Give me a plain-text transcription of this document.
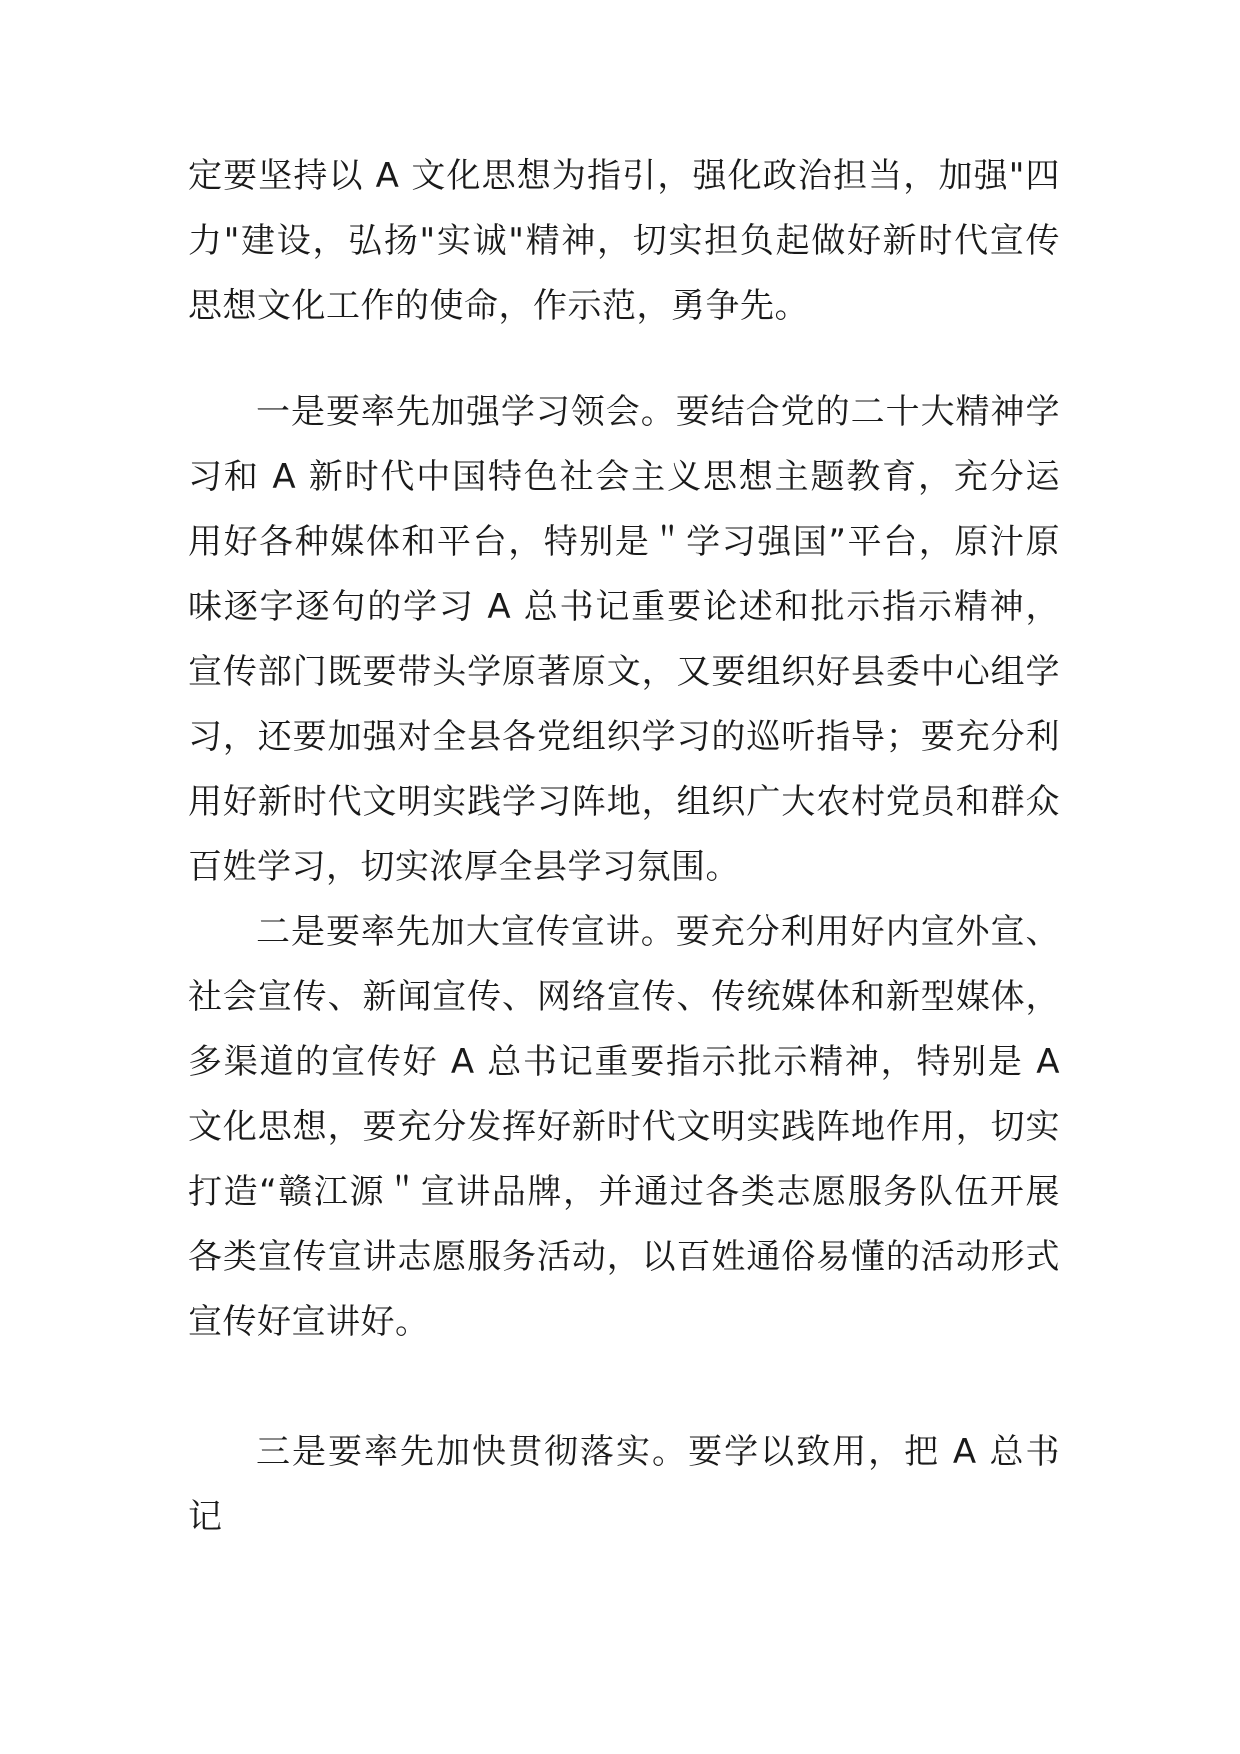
定要坚持以 A 文化思想为指引，强化政治担当，加强"四力"建设，弘扬"实诚"精神，切实担负起做好新时代宣传思想文化工作的使命，作示范，勇争先。

一是要率先加强学习领会。要结合党的二十大精神学习和 A 新时代中国特色社会主义思想主题教育，充分运用好各种媒体和平台，特别是＂学习强国”平台，原汁原味逐字逐句的学习 A 总书记重要论述和批示指示精神，宣传部门既要带头学原著原文，又要组织好县委中心组学习，还要加强对全县各党组织学习的巡听指导；要充分利用好新时代文明实践学习阵地，组织广大农村党员和群众百姓学习，切实浓厚全县学习氛围。

二是要率先加大宣传宣讲。要充分利用好内宣外宣、社会宣传、新闻宣传、网络宣传、传统媒体和新型媒体，多渠道的宣传好 A 总书记重要指示批示精神，特别是 A 文化思想，要充分发挥好新时代文明实践阵地作用，切实打造“赣江源＂宣讲品牌，并通过各类志愿服务队伍开展各类宣传宣讲志愿服务活动，以百姓通俗易懂的活动形式宣传好宣讲好。

三是要率先加快贯彻落实。要学以致用，把 A 总书记
